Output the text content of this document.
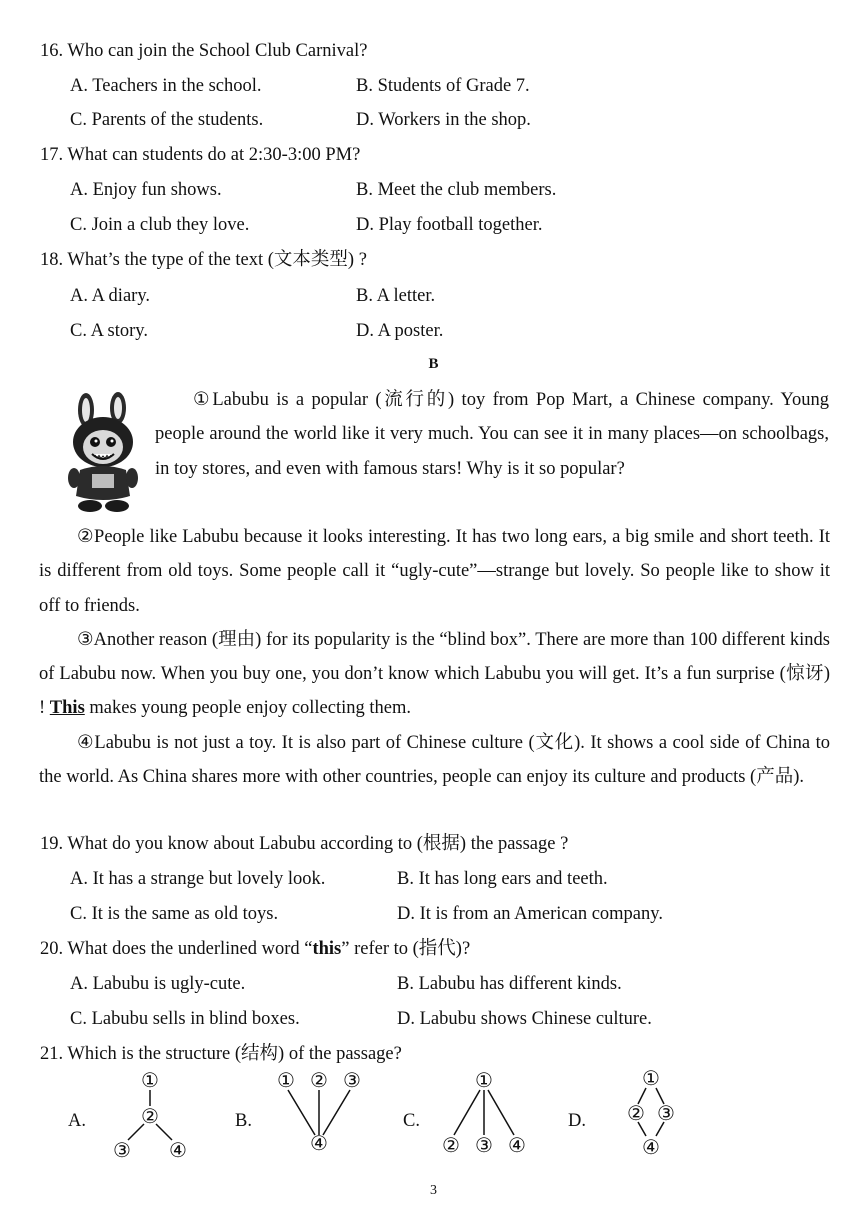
16. Who can join the School Club Carnival?
A. Teachers in the school.	B. Students of Grade 7.
C. Parents of the students.	D. Workers in the shop.
17. What can students do at 2:30-3:00 PM?
A. Enjoy fun shows.	B. Meet the club members.
C. Join a club they love.	D. Play football together.
18. What’s the type of the text (文本类型) ?
A. A diary.	B. A letter.
C. A story.	D. A poster.
B

①Labubu is a popular (流行的) toy from Pop Mart, a Chinese company. Young people around the world like it very much. You can see it in many places—on schoolbags, in toy stores, and even with famous stars! Why is it so popular?

②People like Labubu because it looks interesting. It has two long ears, a big smile and short teeth. It is different from old toys. Some people call it “ugly-cute”—strange but lovely. So people like to show it off to friends.

③Another reason (理由) for its popularity is the “blind box”. There are more than 100 different kinds of Labubu now. When you buy one, you don’t know which Labubu you will get. It’s a fun surprise (惊讶) ! This makes young people enjoy collecting them.

④Labubu is not just a toy. It is also part of Chinese culture (文化). It shows a cool side of China to the world. As China shares more with other countries, people can enjoy its culture and products (产品).

19. What do you know about Labubu according to (根据) the passage ?
A. It has a strange but lovely look.	B. It has long ears and teeth.
C. It is the same as old toys.	D. It is from an American company.
20. What does the underlined word “this” refer to (指代)?
A. Labubu is ugly-cute.	B. Labubu has different kinds.
C. Labubu sells in blind boxes.	D. Labubu shows Chinese culture.
21. Which is the structure (结构) of the passage?
A.	B.	C.	D.
①
②
③ ④
① ② ③
④
①
② ③ ④
①
② ③
④
3
